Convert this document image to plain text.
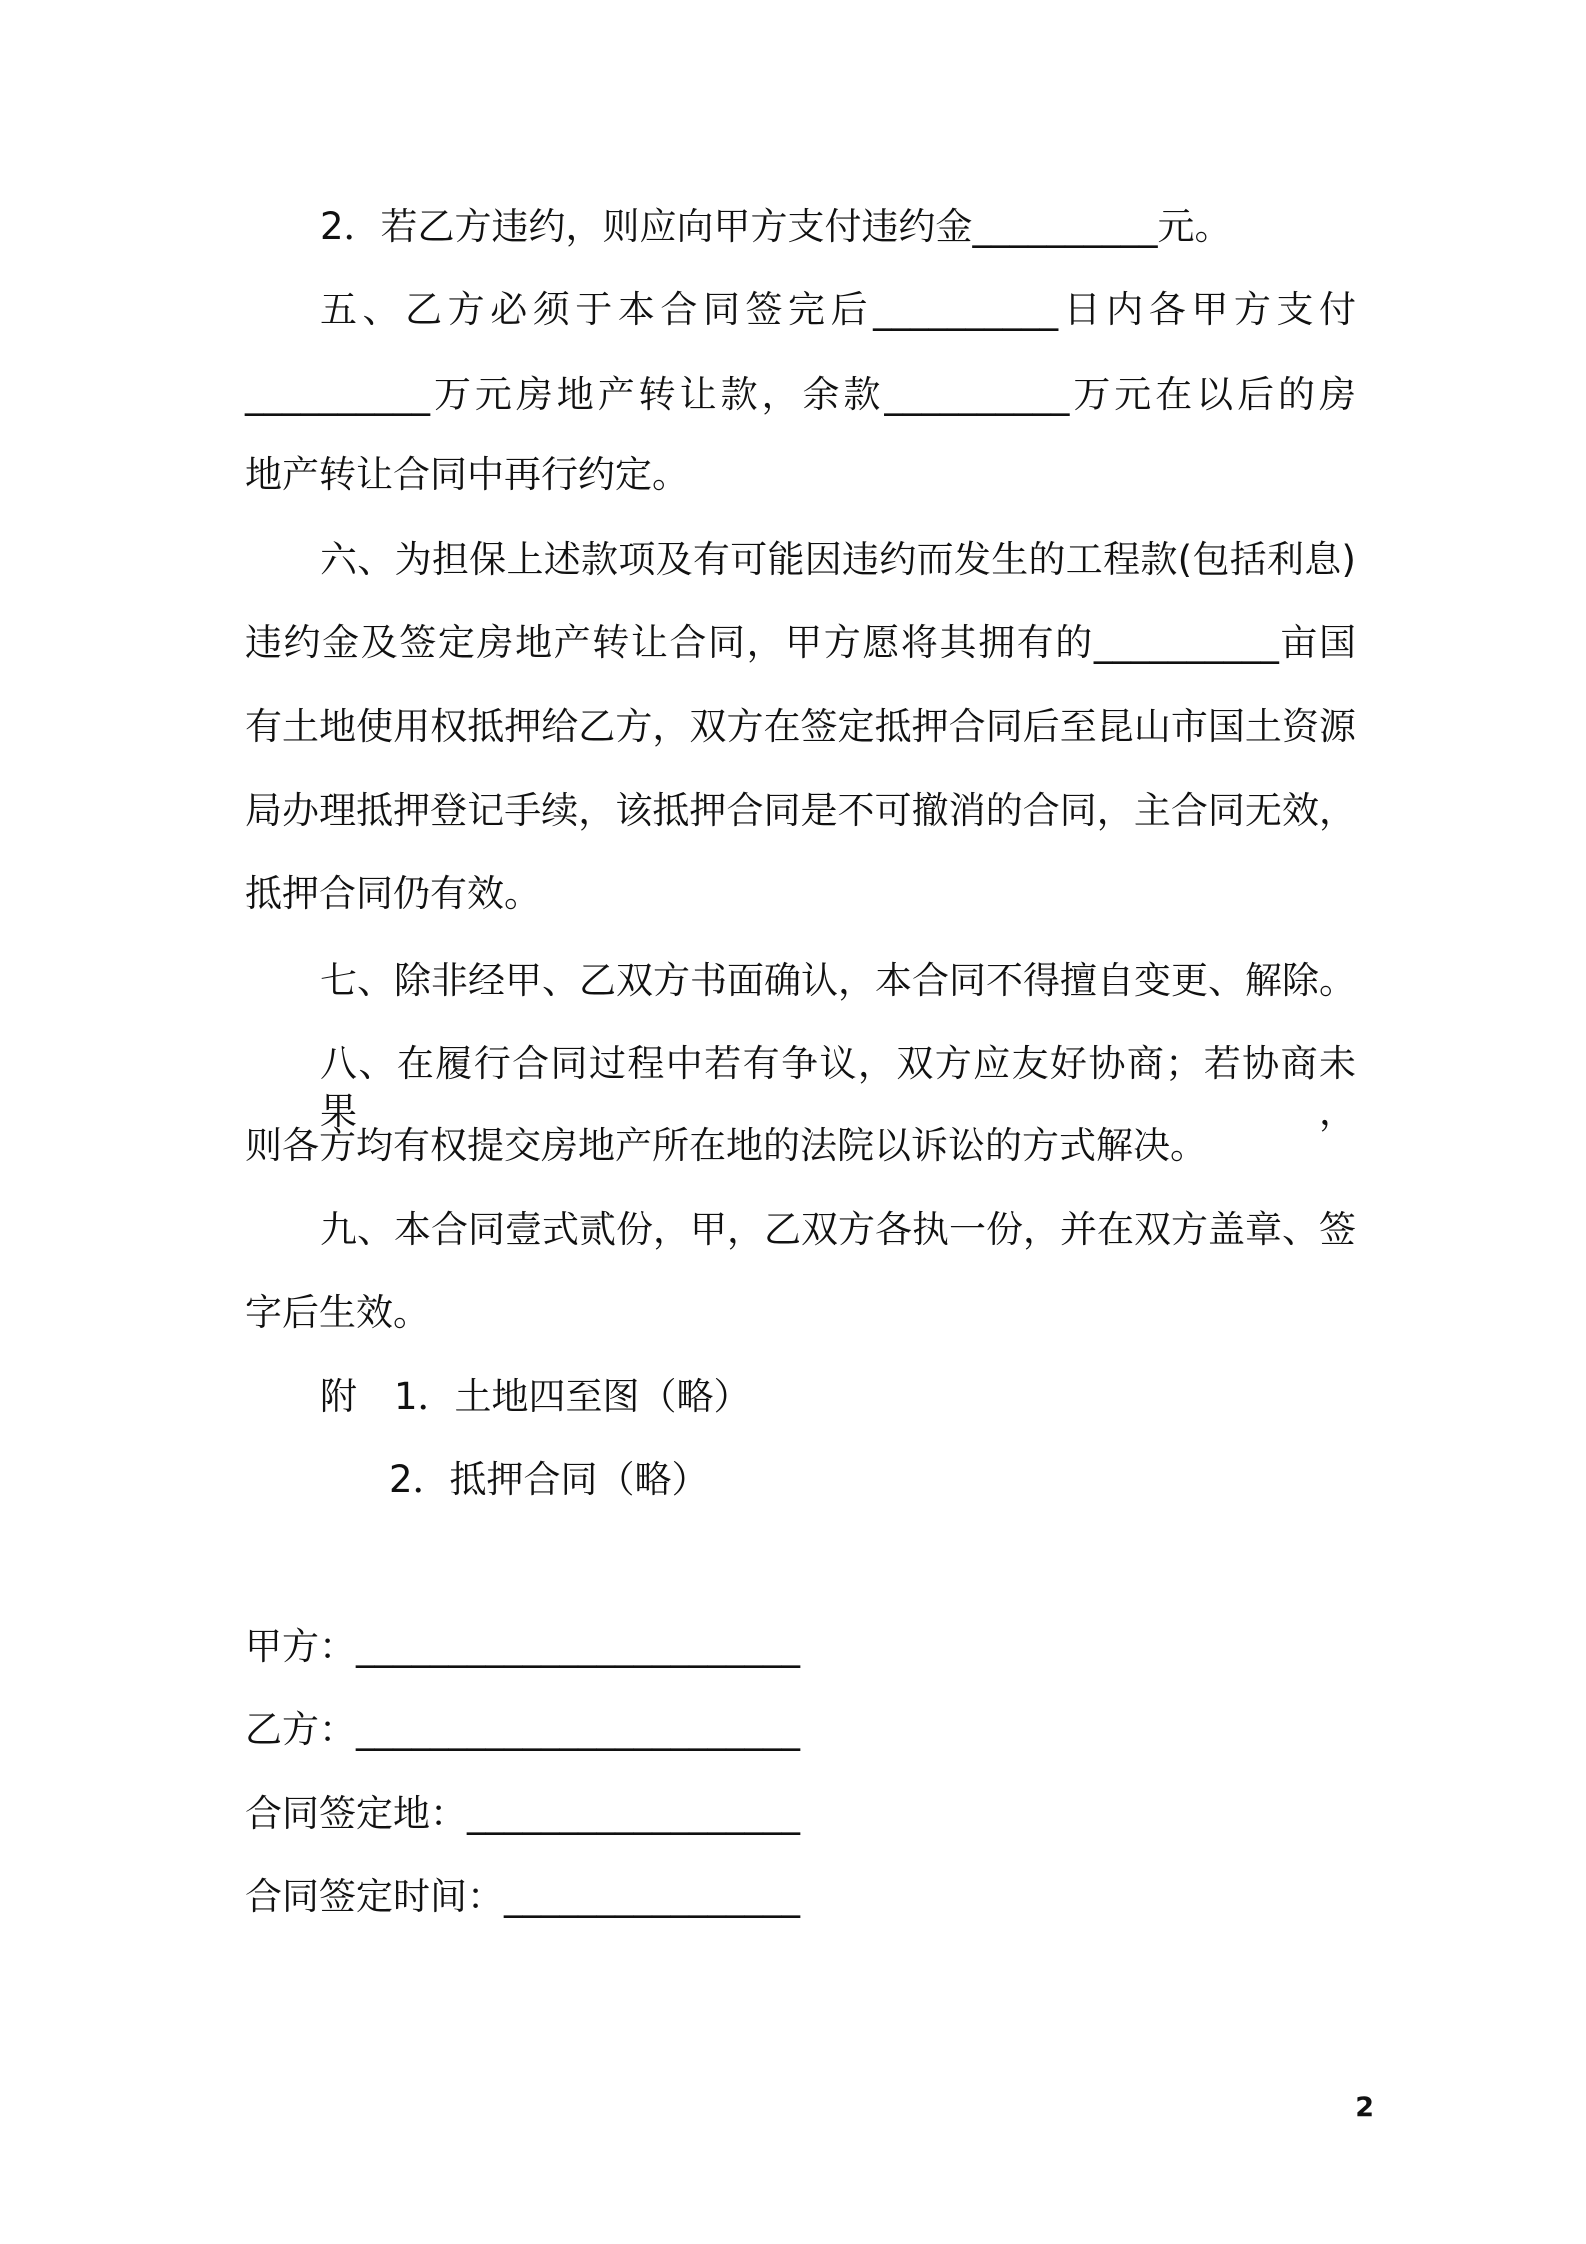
2．若乙方违约，则应向甲方支付违约金__________元。
五、乙方必须于本合同签完后__________日内各甲方支付
__________万元房地产转让款，余款__________万元在以后的房
地产转让合同中再行约定。
六、为担保上述款项及有可能因违约而发生的工程款(包括利息)
违约金及签定房地产转让合同，甲方愿将其拥有的__________亩国
有土地使用权抵押给乙方，双方在签定抵押合同后至昆山市国土资源
局办理抵押登记手续，该抵押合同是不可撤消的合同，主合同无效，
抵押合同仍有效。
七、除非经甲、乙双方书面确认，本合同不得擅自变更、解除。
八、在履行合同过程中若有争议，双方应友好协商；若协商未果，
则各方均有权提交房地产所在地的法院以诉讼的方式解决。
九、本合同壹式贰份，甲，乙双方各执一份，并在双方盖章、签
字后生效。
附　1．土地四至图（略）
2．抵押合同（略）
甲方：________________________
乙方：________________________
合同签定地：__________________
合同签定时间：________________
2
